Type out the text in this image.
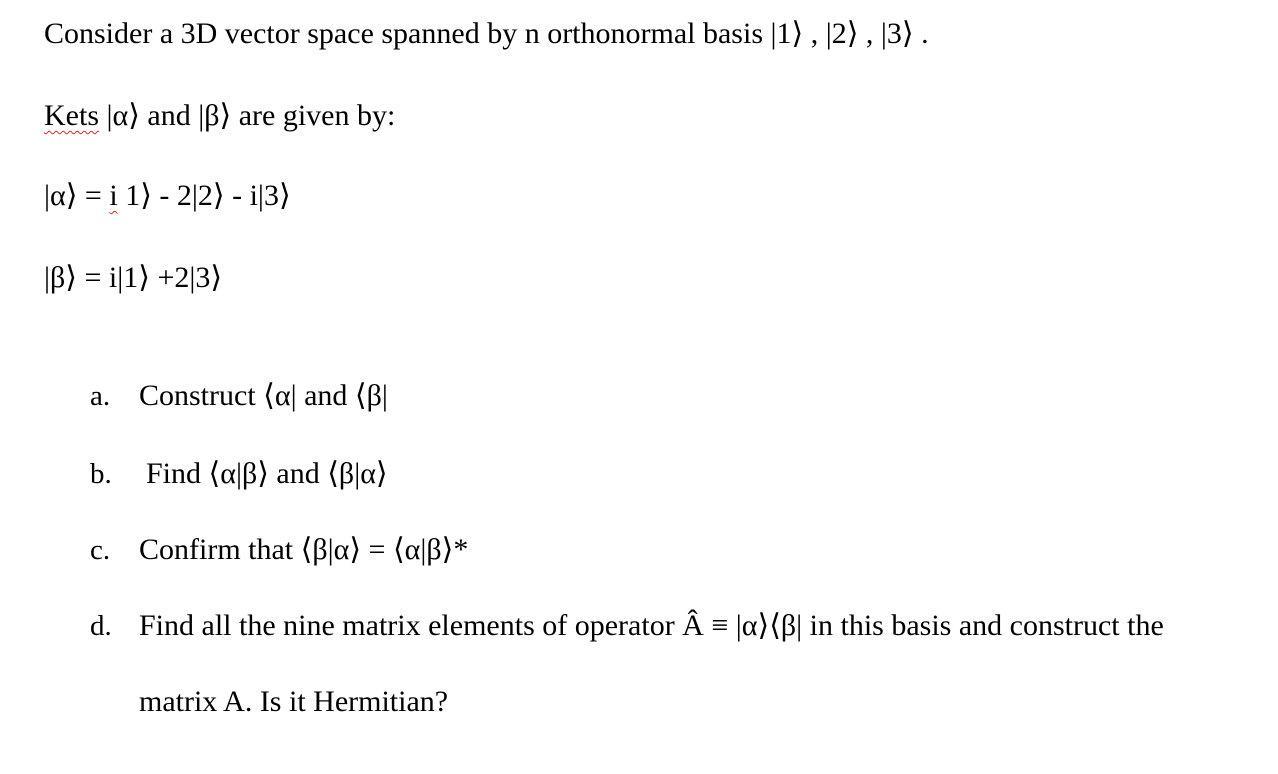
Consider a 3D vector space spanned by n orthonormal basis |1⟩ , |2⟩ , |3⟩ .
Kets |α⟩ and |β⟩ are given by:
|α⟩ = i 1⟩ - 2|2⟩ - i|3⟩
|β⟩ = i|1⟩ +2|3⟩
a. Construct ⟨α| and ⟨β|
b. Find ⟨α|β⟩ and ⟨β|α⟩
c. Confirm that ⟨β|α⟩ = ⟨α|β⟩*
d. Find all the nine matrix elements of operator Â ≡ |α⟩⟨β| in this basis and construct the
matrix A. Is it Hermitian?
